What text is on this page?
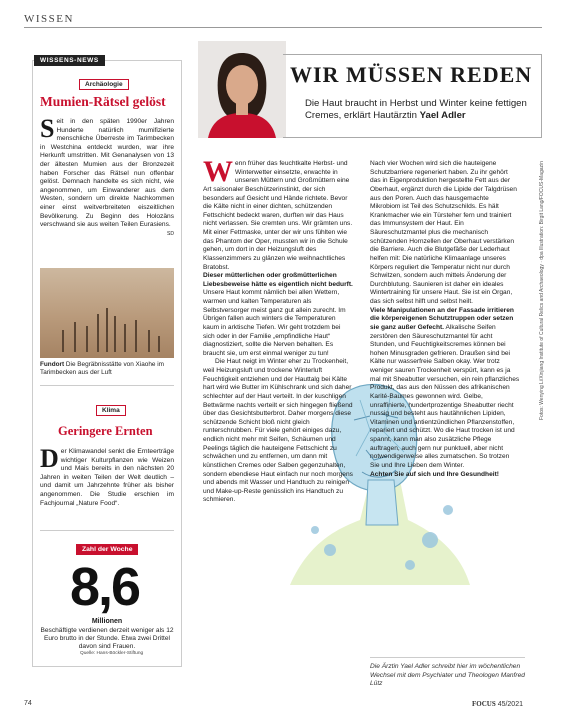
WISSEN
WISSENS-NEWS
Archäologie
Mumien-Rätsel gelöst
Seit in den späten 1990er Jahren Hunderte natürlich mumifizierte menschliche Überreste im Tarimbecken in Westchina entdeckt wurden, war ihre Herkunft umstritten. Mit Genanalysen von 13 der ältesten Mumien aus der Bronzezeit haben Forscher das Rätsel nun offenbar gelöst. Demnach handelte es sich nicht, wie angenommen, um Einwanderer aus dem Westen, sondern um direkte Nachkommen einer einst weitverbreiteten eiszeitlichen Bevölkerung. Zu Beginn des Holozäns verschwand sie aus weiten Teilen Eurasiens.
SD
Fundort Die Begräbnisstätte von Xiaohe im Tarimbecken aus der Luft
Klima
Geringere Ernten
Der Klimawandel senkt die Ernteerträge wichtiger Kulturpflanzen wie Weizen und Mais bereits in den nächsten 20 Jahren in weiten Teilen der Welt deutlich – und damit um Jahrzehnte früher als bisher angenommen. Die Studie erschien im Fachjournal „Nature Food“.
Zahl der Woche
8,6
Millionen
Beschäftigte verdienen derzeit weniger als 12 Euro brutto in der Stunde. Etwa zwei Drittel davon sind Frauen.
Quelle: Hans-Böckler-Stiftung
WIR MÜSSEN REDEN
Die Haut braucht in Herbst und Winter keine fettigen Cremes, erklärt Hautärztin Yael Adler
Wenn früher das feuchtkalte Herbst- und Winterwetter einsetzte, erwachte in unseren Müttern und Großmüttern eine Art saisonaler Beschützerinstinkt, der sich besonders auf Gesicht und Hände richtete. Bevor die Kälte nicht in einer dichten, schützenden Fettschicht bedeckt waren, durften wir das Haus nicht verlassen. Sie cremten uns. Wir grämten uns. Mit einer Fettmaske, unter der wir uns fühlten wie das Phantom der Oper, mussten wir in die Schule gehen, um dort in der Heizungsluft des Klassenzimmers zu glänzen wie weihnachtliches Bratobst.
Dieser mütterlichen oder großmütterlichen Liebesbeweise hätte es eigentlich nicht bedurft. Unsere Haut kommt nämlich bei allen Wettern, warmen und kalten Temperaturen als Selbstversorger meist ganz gut allein zurecht. Im Übrigen fallen auch winters die Temperaturen kaum in arktische Tiefen. Wir geht trotzdem bei sich oder in der Familie „empfindliche Haut“ diagnostiziert, sollte die Nerven behalten. Es braucht sie, um erst einmal weniger zu tun!
Die Haut neigt im Winter eher zu Trockenheit, weil Heizungsluft und trockene Winterluft Feuchtigkeit entziehen und der Hauttalg bei Kälte hart wird wie Butter im Kühlschrank und sich daher schlechter auf der Haut verteilt. In der kuschligen Bettwärme nachts verteilt er sich hingegen fließend über das Gesichtsbutterbrot. Daher morgens diese schützende Schicht bloß nicht gleich runterschrubben. Für viele gehört einiges dazu, endlich nicht mehr mit Seifen, Schäumen und Peelings täglich die hauteigene Fettschicht zu schwächen und zu entfernen, um dann mit künstlichen Cremes oder Salben gegenzuhalten, sondern ebendiese Haut einfach nur noch morgens und abends mit Wasser und Handtuch zu reinigen und Make-up-Reste genüsslich ins Handtuch zu schmieren.
Nach vier Wochen wird sich die hauteigene Schutzbarriere regeneriert haben. Zu ihr gehört das in Eigenproduktion hergestellte Fett aus der Oberhaut, ergänzt durch die Lipide der Talgdrüsen aus den Poren. Auch das hausgemachte Mikrobiom ist Teil des Schutzschilds. Es hält Krankmacher wie ein Türsteher fern und trainiert das Immunsystem der Haut. Ein Säureschutzmantel plus die mechanisch schützenden Hornzellen der Oberhaut verstärken die Barriere. Auch die Blutgefäße der Lederhaut helfen mit: Die natürliche Klimaanlage unseres Körpers reguliert die Temperatur nicht nur durch Schwitzen, sondern auch mittels Änderung der Durchblutung. Saunieren ist daher ein ideales Wintertraining für unsere Haut. Sie ist ein Organ, das sich selbst hilft und selbst heilt.
Viele Manipulationen an der Fassade irritieren die körpereigenen Schutztruppen oder setzen sie ganz außer Gefecht. Alkalische Seifen zerstören den Säureschutzmantel für acht Stunden, und Feuchtigkeitscremes können bei hohen Minusgraden gefrieren. Draußen sind bei Kälte nur wasserfreie Salben okay. Wer trotz weniger sauren Trockenheit verspürt, kann es ja mal mit Sheabutter versuchen, ein rein pflanzliches Produkt, das aus den Nüssen des afrikanischen Karité-Baumes gewonnen wird. Gelbe, unraffinierte, hundertprozentige Sheabutter riecht nussig und besteht aus hautähnlichen Lipiden, Vitaminen und antientzündlichen Pflanzenstoffen, repariert und schützt. Wo die Haut trocken ist und spannt, kann man also zusätzliche Pflege auftragen, auch gern nur punktuell, aber nicht notwendigerweise alles zumatschen. So trotzen Sie und Ihre Lieben dem Winter.
Achten Sie auf sich und Ihre Gesundheit!
Die Ärztin Yael Adler schreibt hier im wöchentlichen Wechsel mit dem Psychiater und Theologen Manfred Lütz
Fotos: Wenying Li/Xinjiang Institute of Cultural Relics and Archaeology · dpa Illustration: Birgit Lang/FOCUS-Magazin
74	FOCUS 45/2021
